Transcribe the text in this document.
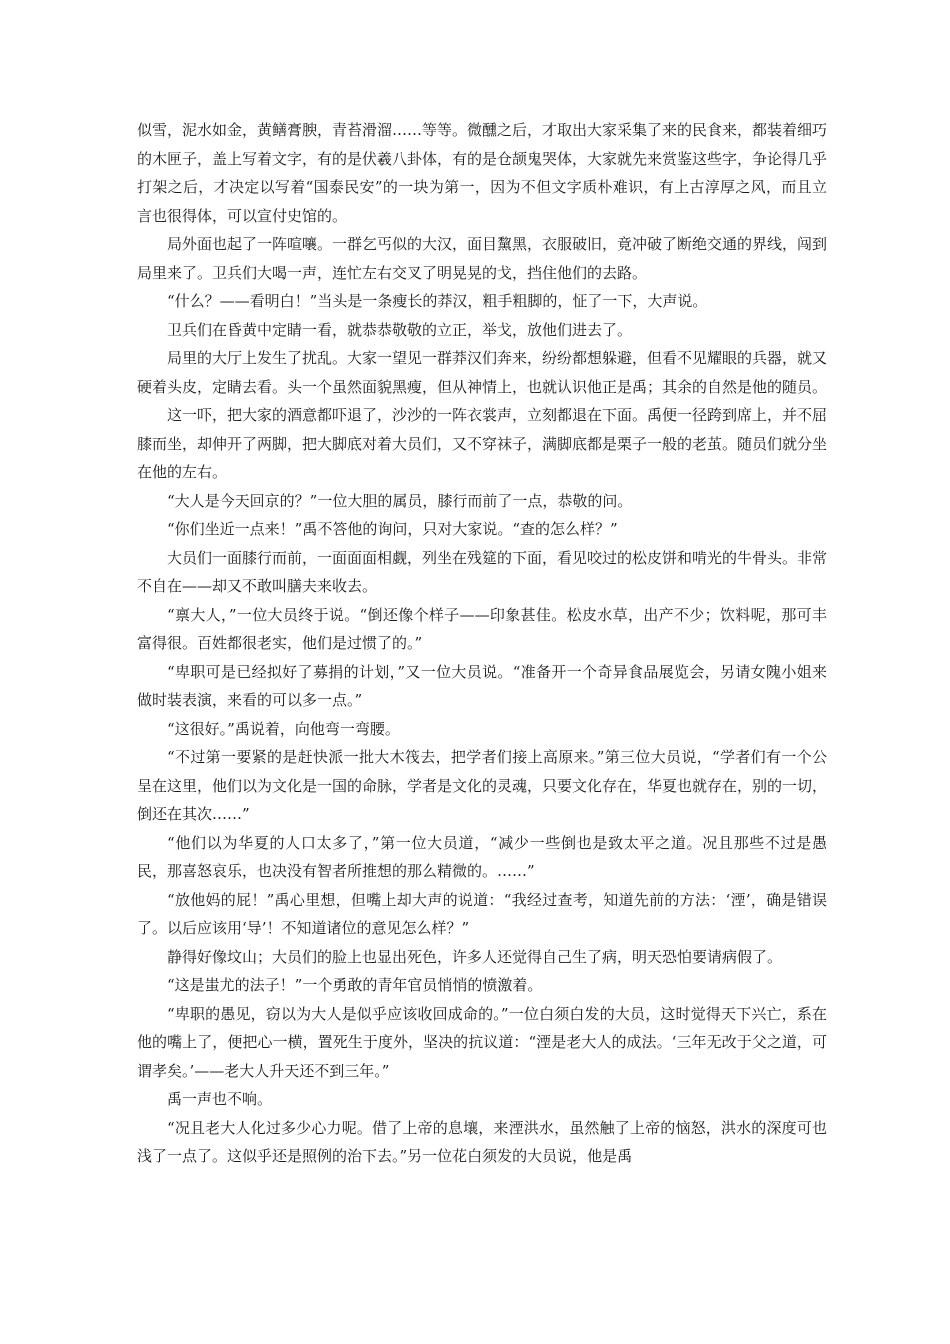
似雪，泥水如金，黄鳝膏腴，青苔滑溜……等等。微醺之后，才取出大家采集了来的民食来，都装着细巧的木匣子，盖上写着文字，有的是伏羲八卦体，有的是仓颉鬼哭体，大家就先来赏鉴这些字，争论得几乎打架之后，才决定以写着“国泰民安”的一块为第一，因为不但文字质朴难识，有上古淳厚之风，而且立言也很得体，可以宣付史馆的。

局外面也起了一阵喧嚷。一群乞丐似的大汉，面目黧黑，衣服破旧，竟冲破了断绝交通的界线，闯到局里来了。卫兵们大喝一声，连忙左右交叉了明晃晃的戈，挡住他们的去路。

“什么？——看明白！”当头是一条瘦长的莽汉，粗手粗脚的，怔了一下，大声说。

卫兵们在昏黄中定睛一看，就恭恭敬敬的立正，举戈，放他们进去了。

局里的大厅上发生了扰乱。大家一望见一群莽汉们奔来，纷纷都想躲避，但看不见耀眼的兵器，就又硬着头皮，定睛去看。头一个虽然面貌黑瘦，但从神情上，也就认识他正是禹；其余的自然是他的随员。

这一吓，把大家的酒意都吓退了，沙沙的一阵衣裳声，立刻都退在下面。禹便一径跨到席上，并不屈膝而坐，却伸开了两脚，把大脚底对着大员们，又不穿袜子，满脚底都是栗子一般的老茧。随员们就分坐在他的左右。

“大人是今天回京的？”一位大胆的属员，膝行而前了一点，恭敬的问。

“你们坐近一点来！”禹不答他的询问，只对大家说。“查的怎么样？”

大员们一面膝行而前，一面面面相觑，列坐在残筵的下面，看见咬过的松皮饼和啃光的牛骨头。非常不自在——却又不敢叫膳夫来收去。

“禀大人，”一位大员终于说。“倒还像个样子——印象甚佳。松皮水草，出产不少；饮料呢，那可丰富得很。百姓都很老实，他们是过惯了的。”

“卑职可是已经拟好了募捐的计划，”又一位大员说。“准备开一个奇异食品展览会，另请女隗小姐来做时装表演，来看的可以多一点。”

“这很好。”禹说着，向他弯一弯腰。

“不过第一要紧的是赶快派一批大木筏去，把学者们接上高原来。”第三位大员说，“学者们有一个公呈在这里，他们以为文化是一国的命脉，学者是文化的灵魂，只要文化存在，华夏也就存在，别的一切，倒还在其次……”

“他们以为华夏的人口太多了，”第一位大员道，“减少一些倒也是致太平之道。况且那些不过是愚民，那喜怒哀乐，也决没有智者所推想的那么精微的。……”

“放他妈的屁！”禹心里想，但嘴上却大声的说道：“我经过查考，知道先前的方法：‘湮’，确是错误了。以后应该用‘导’！不知道诸位的意见怎么样？”

静得好像坟山；大员们的脸上也显出死色，许多人还觉得自己生了病，明天恐怕要请病假了。

“这是蚩尤的法子！”一个勇敢的青年官员悄悄的愤激着。

“卑职的愚见，窃以为大人是似乎应该收回成命的。”一位白须白发的大员，这时觉得天下兴亡，系在他的嘴上了，便把心一横，置死生于度外，坚决的抗议道：“湮是老大人的成法。‘三年无改于父之道，可谓孝矣。’——老大人升天还不到三年。”

禹一声也不响。

“况且老大人化过多少心力呢。借了上帝的息壤，来湮洪水，虽然触了上帝的恼怒，洪水的深度可也浅了一点了。这似乎还是照例的治下去。”另一位花白须发的大员说，他是禹
